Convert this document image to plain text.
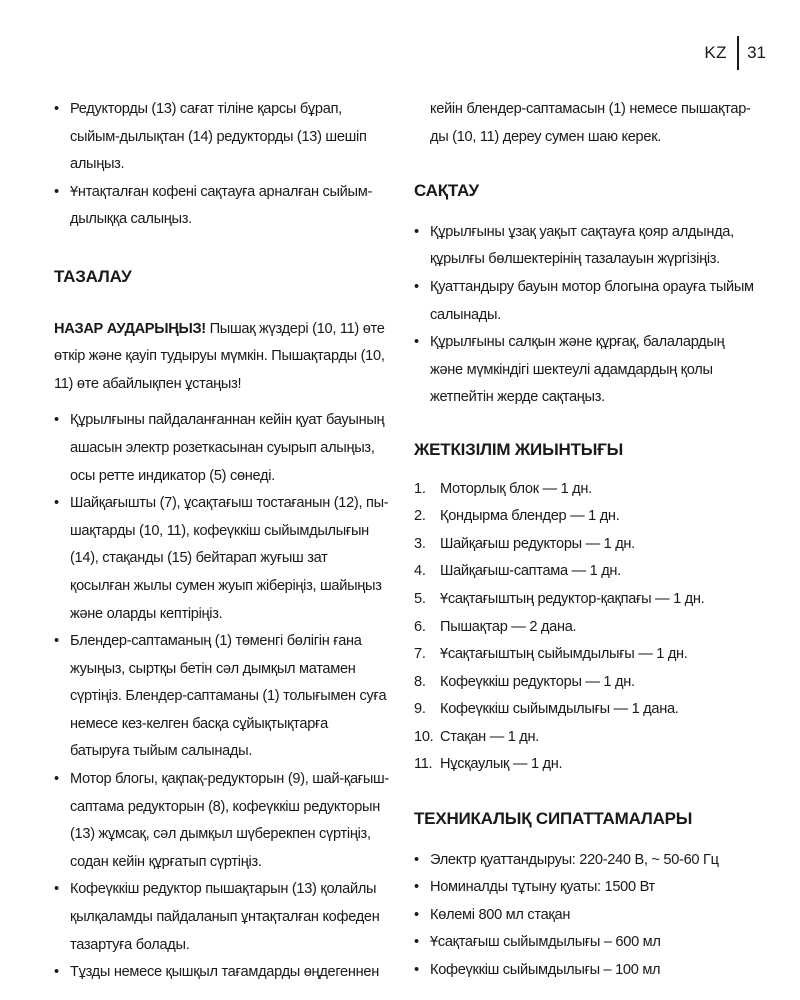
KZ	31
• Редукторды (13) сағат тіліне қарсы бұрап, сыйым-дылықтан (14) редукторды (13) шешіп алыңыз.
• Ұнтақталған кофені сақтауға арналған сыйым-дылыққа салыңыз.
ТАЗАЛАУ

НАЗАР АУДАРЫҢЫЗ! Пышақ жүздері (10, 11) өте өткір және қауіп тудыруы мүмкін. Пышақтарды (10, 11) өте абайлықпен ұстаңыз!

• Құрылғыны пайдаланғаннан кейін қуат бауының ашасын электр розеткасынан суырып алыңыз, осы ретте индикатор (5) сөнеді.
• Шайқағышты (7), ұсақтағыш тостағанын (12), пы-шақтарды (10, 11), кофеүккіш сыйымдылығын (14), стақанды (15) бейтарап жуғыш зат қосылған жылы сумен жуып жіберіңіз, шайыңыз және оларды кептіріңіз.
• Блендер-саптаманың (1) төменгі бөлігін ғана жуыңыз, сыртқы бетін сәл дымқыл матамен сүртіңіз. Блендер-саптаманы (1) толығымен суға немесе кез-келген басқа сұйықтықтарға батыруға тыйым салынады.
• Мотор блогы, қақпақ-редукторын (9), шай-қағыш-саптама редукторын (8), кофеүккіш редукторын (13) жұмсақ, сәл дымқыл шүберекпен сүртіңіз, содан кейін құрғатып сүртіңіз.
• Кофеүккіш редуктор пышақтарын (13) қолайлы қылқаламды пайдаланып ұнтақталған кофеден тазартуға болады.
• Тұзды немесе қышқыл тағамдарды өңдегеннен
кейін блендер-саптамасын (1) немесе пышақтар-ды (10, 11) дереу сумен шаю керек.
САҚТАУ
• Құрылғыны ұзақ уақыт сақтауға қояр алдында, құрылғы бөлшектерінің тазалауын жүргізіңіз.
• Қуаттандыру бауын мотор блогына орауға тыйым салынады.
• Құрылғыны салқын және құрғақ, балалардың және мүмкіндігі шектеулі адамдардың қолы жетпейтін жерде сақтаңыз.
ЖЕТКІЗІЛІМ ЖИЫНТЫҒЫ
1. Моторлық блок — 1 дн.
2. Қондырма блендер — 1 дн.
3. Шайқағыш редукторы — 1 дн.
4. Шайқағыш-саптама — 1 дн.
5. Ұсақтағыштың редуктор-қақпағы — 1 дн.
6. Пышақтар — 2 дана.
7. Ұсақтағыштың сыйымдылығы — 1 дн.
8. Кофеүккіш редукторы — 1 дн.
9. Кофеүккіш сыйымдылығы — 1 дана.
10. Стақан — 1 дн.
11. Нұсқаулық — 1 дн.
ТЕХНИКАЛЫҚ СИПАТТАМАЛАРЫ
• Электр қуаттандыруы: 220-240 В, ~ 50-60 Гц
• Номиналды тұтыну қуаты: 1500 Вт
• Көлемі 800 мл стақан
• Ұсақтағыш сыйымдылығы – 600 мл
• Кофеүккіш сыйымдылығы – 100 мл
